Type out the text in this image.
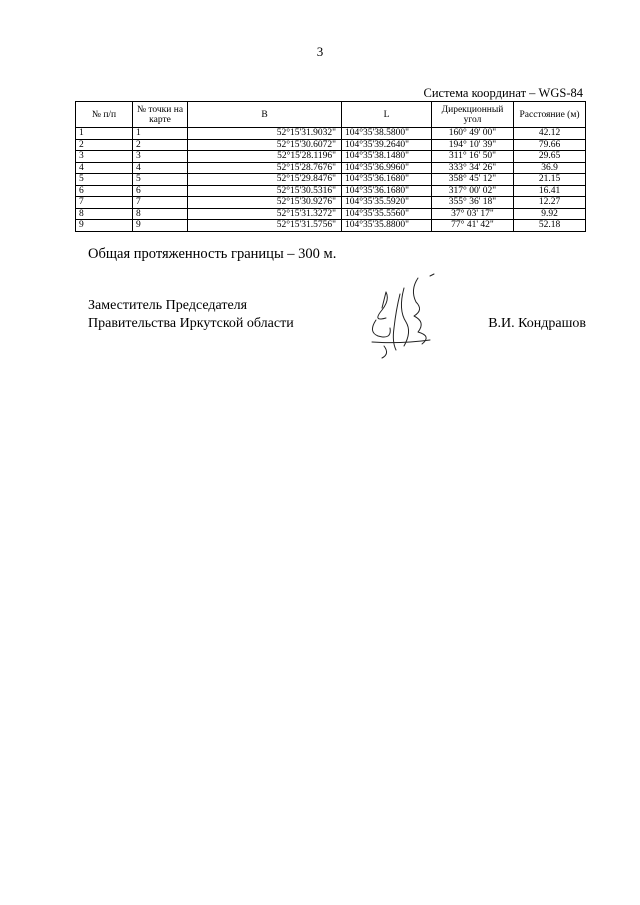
3
Система координат – WGS-84
№ п/п	№ точки на карте	B	L	Дирекционный угол	Расстояние (м)
1	1	52°15'31.9032"	104°35'38.5800"	160° 49' 00"	42.12
2	2	52°15'30.6072"	104°35'39.2640"	194° 10' 39"	79.66
3	3	52°15'28.1196"	104°35'38.1480"	311° 16' 50"	29.65
4	4	52°15'28.7676"	104°35'36.9960"	333° 34' 26"	36.9
5	5	52°15'29.8476"	104°35'36.1680"	358° 45' 12"	21.15
6	6	52°15'30.5316"	104°35'36.1680"	317° 00' 02"	16.41
7	7	52°15'30.9276"	104°35'35.5920"	355° 36' 18"	12.27
8	8	52°15'31.3272"	104°35'35.5560"	37° 03' 17"	9.92
9	9	52°15'31.5756"	104°35'35.8800"	77° 41' 42"	52.18
Общая протяженность границы – 300 м.
Заместитель Председателя
Правительства Иркутской области	В.И. Кондрашов
